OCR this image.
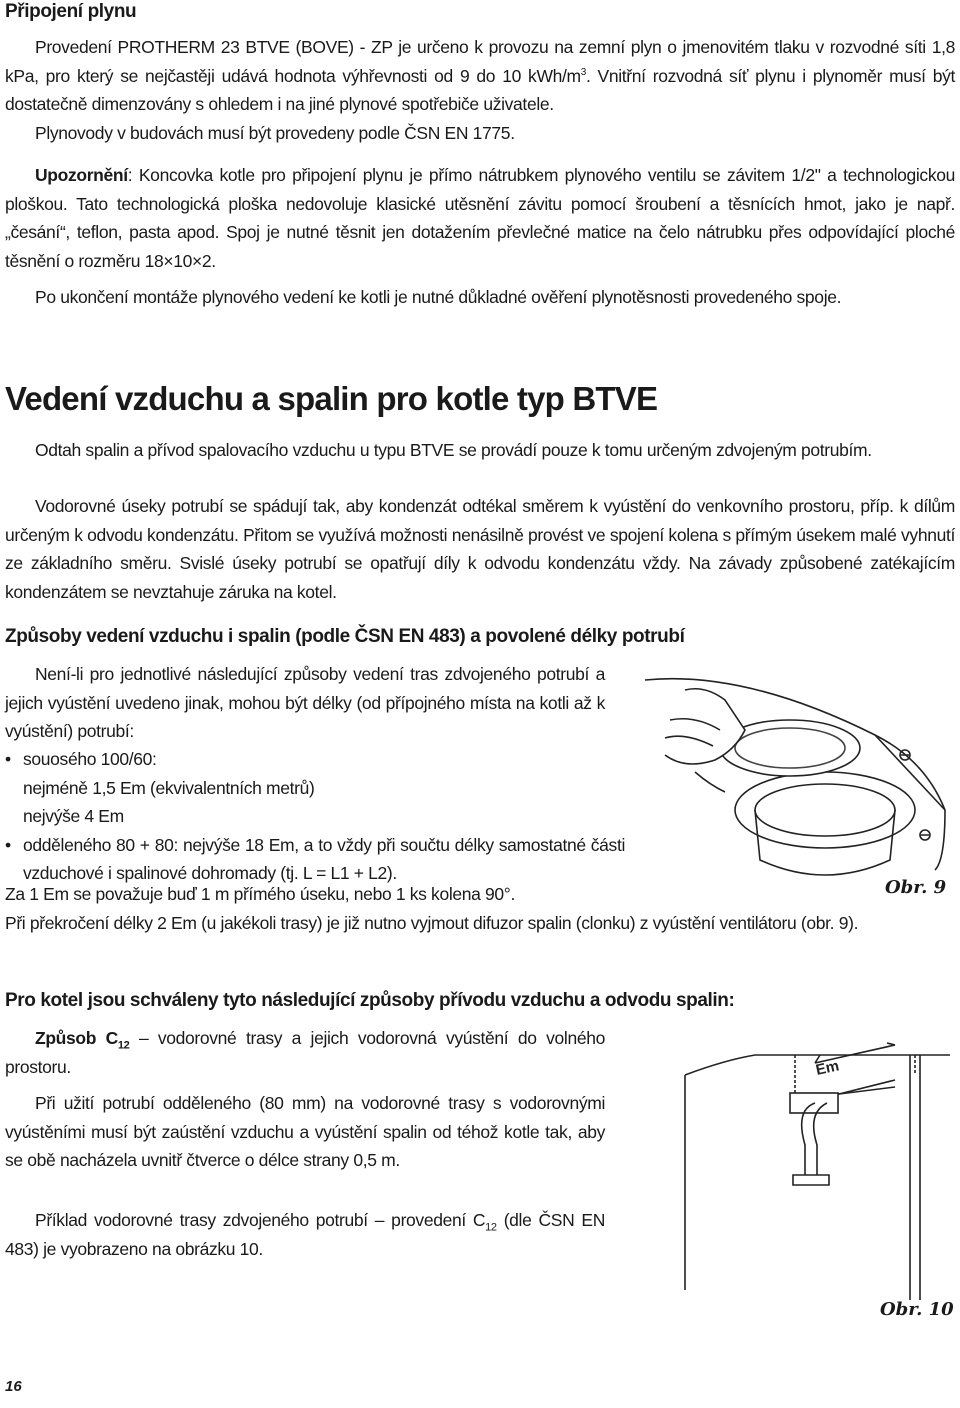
Připojení plynu

Provedení PROTHERM 23 BTVE (BOVE) - ZP je určeno k provozu na zemní plyn o jmenovitém tlaku v rozvodné síti 1,8 kPa, pro který se nejčastěji udává hodnota výhřevnosti od 9 do 10 kWh/$m^3$. Vnitřní rozvodná síť plynu i plynoměr musí být dostatečně dimenzovány s ohledem i na jiné plynové spotřebiče uživatele.

Plynovody v budovách musí být provedeny podle ČSN EN 1775.

Upozornění: Koncovka kotle pro připojení plynu je přímo nátrubkem plynového ventilu se závitem 1/2" a technologickou ploškou. Tato technologická ploška nedovoluje klasické utěsnění závitu pomocí šroubení a těsnících hmot, jako je např. „česání“, teflon, pasta apod. Spoj je nutné těsnit jen dotažením převlečné matice na čelo nátrubku přes odpovídající ploché těsnění o rozměru 18×10×2.

Po ukončení montáže plynového vedení ke kotli je nutné důkladné ověření plynotěsnosti provedeného spoje.

Vedení vzduchu a spalin pro kotle typ BTVE

Odtah spalin a přívod spalovacího vzduchu u typu BTVE se provádí pouze k tomu určeným zdvojeným potrubím.

Vodorovné úseky potrubí se spádují tak, aby kondenzát odtékal směrem k vyústění do venkovního prostoru, příp. k dílům určeným k odvodu kondenzátu. Přitom se využívá možnosti nenásilně provést ve spojení kolena s přímým úsekem malé vyhnutí ze základního směru. Svislé úseky potrubí se opatřují díly k odvodu kondenzátu vždy. Na závady způsobené zatékajícím kondenzátem se nevztahuje záruka na kotel.

Způsoby vedení vzduchu i spalin (podle ČSN EN 483) a povolené délky potrubí

Není-li pro jednotlivé následující způsoby vedení tras zdvojeného potrubí a jejich vyústění uvedeno jinak, mohou být délky (od přípojného místa na kotli až k vyústění) potrubí:

• souosého 100/60:
nejméně 1,5 Em (ekvivalentních metrů)
nejvýše 4 Em
• odděleného 80 + 80: nejvýše 18 Em, a to vždy při součtu délky samostatné části vzduchové i spalinové dohromady (tj. L = L1 + L2).

Za 1 Em se považuje buď 1 m přímého úseku, nebo 1 ks kolena 90°.

Při překročení délky 2 Em (u jakékoli trasy) je již nutno vyjmout difuzor spalin (clonku) z vyústění ventilátoru (obr. 9).

Obr. 9
Pro kotel jsou schváleny tyto následující způsoby přívodu vzduchu a odvodu spalin:

Způsob $C_{12}$ – vodorovné trasy a jejich vodorovná vyústění do volného prostoru.

Při užití potrubí odděleného (80 mm) na vodorovné trasy s vodorovnými vyústěními musí být zaústění vzduchu a vyústění spalin od téhož kotle tak, aby se obě nacházela uvnitř čtverce o délce strany 0,5 m.

Příklad vodorovné trasy zdvojeného potrubí – provedení $C_{12}$ (dle ČSN EN 483) je vyobrazeno na obrázku 10.

Em
Obr. 10
16
